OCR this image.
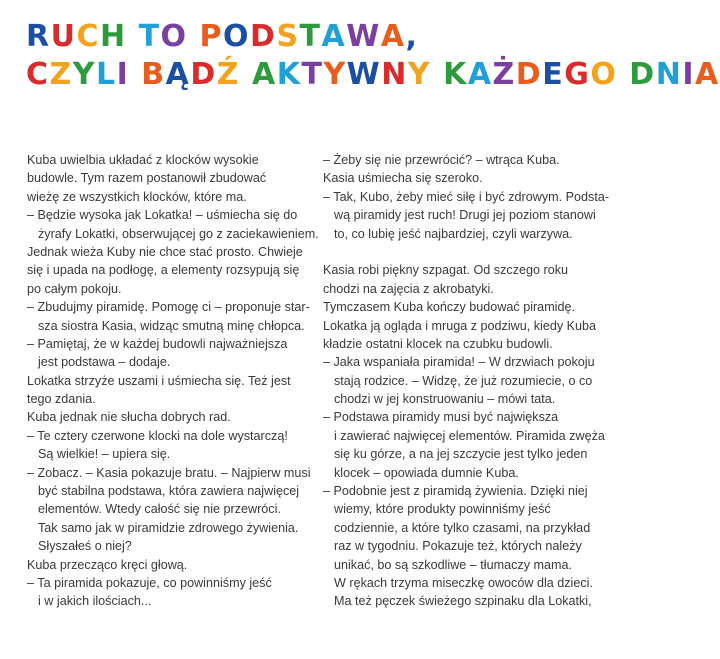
RUCH TO PODSTAWA,
CZYLI BĄDŹ AKTYWNY KAŻDEGO DNIA
Kuba uwielbia układać z klocków wysokie
budowle. Tym razem postanowił zbudować
wieżę ze wszystkich klocków, które ma.
– Będzie wysoka jak Lokatka! – uśmiecha się do
żyrafy Lokatki, obserwującej go z zaciekawieniem.
Jednak wieża Kuby nie chce stać prosto. Chwieje
się i upada na podłogę, a elementy rozsypują się
po całym pokoju.
– Zbudujmy piramidę. Pomogę ci – proponuje star-
sza siostra Kasia, widząc smutną minę chłopca.
– Pamiętaj, że w każdej budowli najważniejsza
jest podstawa – dodaje.
Lokatka strzyże uszami i uśmiecha się. Też jest
tego zdania.
Kuba jednak nie słucha dobrych rad.
– Te cztery czerwone klocki na dole wystarczą!
Są wielkie! – upiera się.
– Zobacz. – Kasia pokazuje bratu. – Najpierw musi
być stabilna podstawa, która zawiera najwięcej
elementów. Wtedy całość się nie przewróci.
Tak samo jak w piramidzie zdrowego żywienia.
Słyszałeś o niej?
Kuba przecząco kręci głową.
– Ta piramida pokazuje, co powinniśmy jeść
i w jakich ilościach...
– Żeby się nie przewrócić? – wtrąca Kuba.
Kasia uśmiecha się szeroko.
– Tak, Kubo, żeby mieć siłę i być zdrowym. Podsta-
wą piramidy jest ruch! Drugi jej poziom stanowi
to, co lubię jeść najbardziej, czyli warzywa.
Kasia robi piękny szpagat. Od szczego roku
chodzi na zajęcia z akrobatyki.
Tymczasem Kuba kończy budować piramidę.
Lokatka ją ogląda i mruga z podziwu, kiedy Kuba
kładzie ostatni klocek na czubku budowli.
– Jaka wspaniała piramida! – W drzwiach pokoju
stają rodzice. – Widzę, że już rozumiecie, o co
chodzi w jej konstruowaniu – mówi tata.
– Podstawa piramidy musi być największa
i zawierać najwięcej elementów. Piramida zwęża
się ku górze, a na jej szczycie jest tylko jeden
klocek – opowiada dumnie Kuba.
– Podobnie jest z piramidą żywienia. Dzięki niej
wiemy, które produkty powinniśmy jeść
codziennie, a które tylko czasami, na przykład
raz w tygodniu. Pokazuje też, których należy
unikać, bo są szkodliwe – tłumaczy mama.
W rękach trzyma miseczkę owoców dla dzieci.
Ma też pęczek świeżego szpinaku dla Lokatki,
